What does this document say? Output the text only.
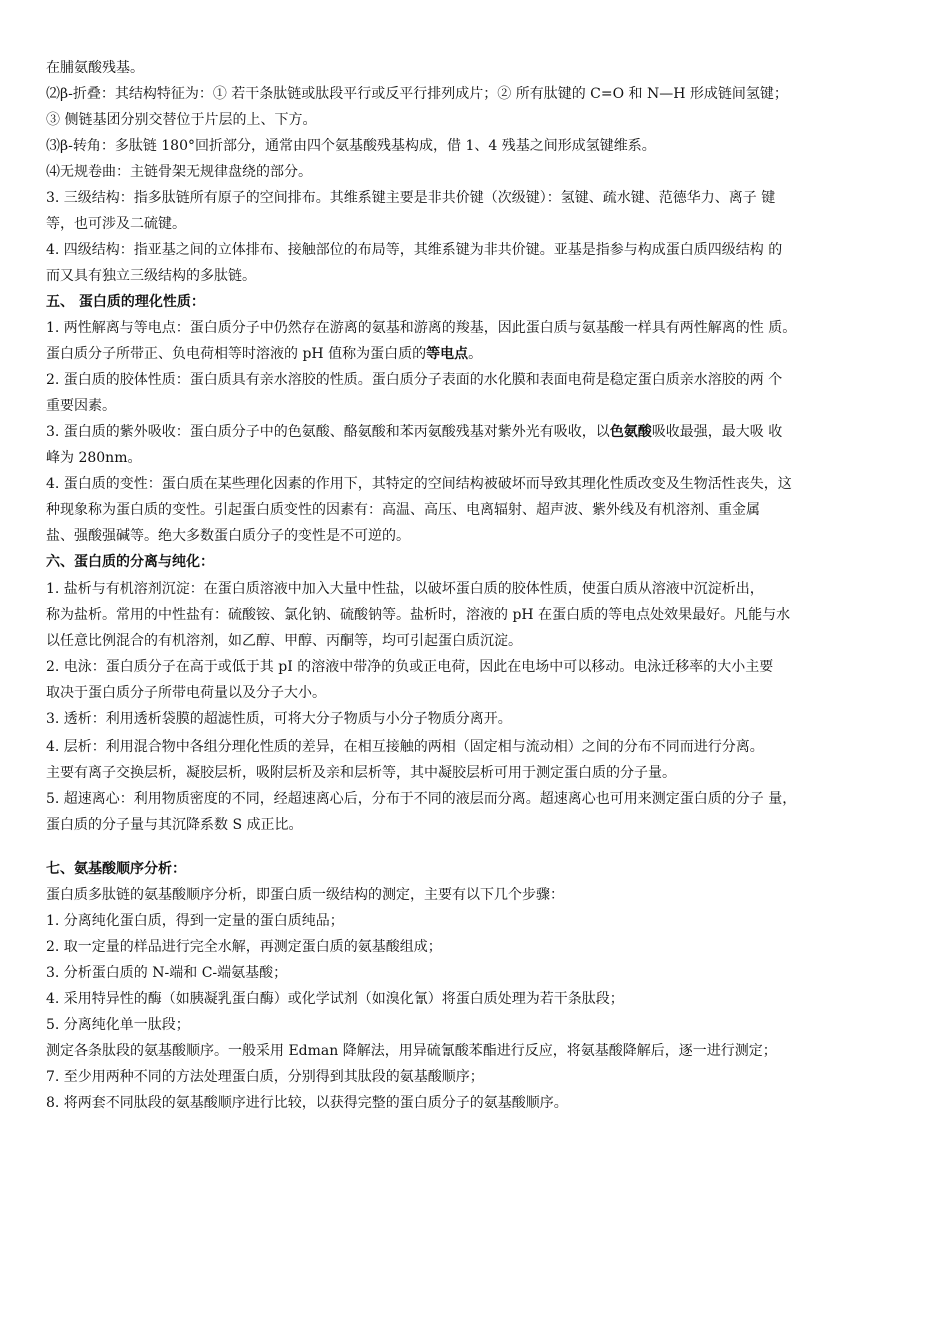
在脯氨酸残基。
⑵β-折叠：其结构特征为：① 若干条肽链或肽段平行或反平行排列成片；② 所有肽键的 C=O 和 N—H 形成链间氢键；
③ 侧链基团分别交替位于片层的上、下方。
⑶β-转角：多肽链 180°回折部分，通常由四个氨基酸残基构成，借 1、4 残基之间形成氢键维系。
⑷无规卷曲：主链骨架无规律盘绕的部分。
3. 三级结构：指多肽链所有原子的空间排布。其维系键主要是非共价键（次级键）：氢键、疏水键、范德华力、离子 键
等，也可涉及二硫键。
4. 四级结构：指亚基之间的立体排布、接触部位的布局等，其维系键为非共价键。亚基是指参与构成蛋白质四级结构 的
而又具有独立三级结构的多肽链。
五、 蛋白质的理化性质：
1. 两性解离与等电点：蛋白质分子中仍然存在游离的氨基和游离的羧基，因此蛋白质与氨基酸一样具有两性解离的性 质。
蛋白质分子所带正、负电荷相等时溶液的 pH 值称为蛋白质的等电点。
2. 蛋白质的胶体性质：蛋白质具有亲水溶胶的性质。蛋白质分子表面的水化膜和表面电荷是稳定蛋白质亲水溶胶的两 个
重要因素。
3. 蛋白质的紫外吸收：蛋白质分子中的色氨酸、酪氨酸和苯丙氨酸残基对紫外光有吸收，以色氨酸吸收最强，最大吸 收
峰为 280nm。
4. 蛋白质的变性：蛋白质在某些理化因素的作用下，其特定的空间结构被破坏而导致其理化性质改变及生物活性丧失，这
种现象称为蛋白质的变性。引起蛋白质变性的因素有：高温、高压、电离辐射、超声波、紫外线及有机溶剂、重金属
盐、强酸强碱等。绝大多数蛋白质分子的变性是不可逆的。
六、蛋白质的分离与纯化：
1. 盐析与有机溶剂沉淀：在蛋白质溶液中加入大量中性盐，以破坏蛋白质的胶体性质，使蛋白质从溶液中沉淀析出，
称为盐析。常用的中性盐有：硫酸铵、氯化钠、硫酸钠等。盐析时，溶液的 pH 在蛋白质的等电点处效果最好。凡能与水
以任意比例混合的有机溶剂，如乙醇、甲醇、丙酮等，均可引起蛋白质沉淀。
2. 电泳：蛋白质分子在高于或低于其 pI 的溶液中带净的负或正电荷，因此在电场中可以移动。电泳迁移率的大小主要
取决于蛋白质分子所带电荷量以及分子大小。
3. 透析：利用透析袋膜的超滤性质，可将大分子物质与小分子物质分离开。
4. 层析：利用混合物中各组分理化性质的差异，在相互接触的两相（固定相与流动相）之间的分布不同而进行分离。
主要有离子交换层析，凝胶层析，吸附层析及亲和层析等，其中凝胶层析可用于测定蛋白质的分子量。
5. 超速离心：利用物质密度的不同，经超速离心后，分布于不同的液层而分离。超速离心也可用来测定蛋白质的分子 量，
蛋白质的分子量与其沉降系数 S 成正比。
七、氨基酸顺序分析：
蛋白质多肽链的氨基酸顺序分析，即蛋白质一级结构的测定，主要有以下几个步骤：
1. 分离纯化蛋白质，得到一定量的蛋白质纯品；
2. 取一定量的样品进行完全水解，再测定蛋白质的氨基酸组成；
3. 分析蛋白质的 N-端和 C-端氨基酸；
4. 采用特异性的酶（如胰凝乳蛋白酶）或化学试剂（如溴化氰）将蛋白质处理为若干条肽段；
5. 分离纯化单一肽段；
测定各条肽段的氨基酸顺序。一般采用 Edman 降解法，用异硫氰酸苯酯进行反应，将氨基酸降解后，逐一进行测定；
7. 至少用两种不同的方法处理蛋白质，分别得到其肽段的氨基酸顺序；
8. 将两套不同肽段的氨基酸顺序进行比较，以获得完整的蛋白质分子的氨基酸顺序。
